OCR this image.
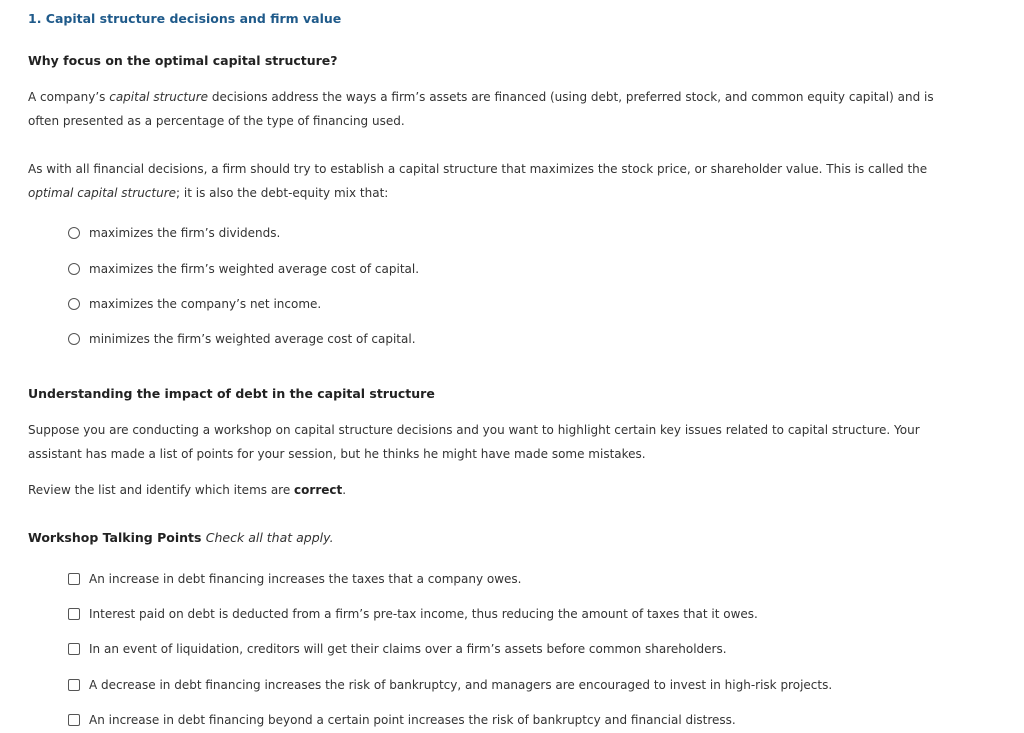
1. Capital structure decisions and firm value
Why focus on the optimal capital structure?
A company’s capital structure decisions address the ways a firm’s assets are financed (using debt, preferred stock, and common equity capital) and is often presented as a percentage of the type of financing used.
As with all financial decisions, a firm should try to establish a capital structure that maximizes the stock price, or shareholder value. This is called the optimal capital structure; it is also the debt-equity mix that:
maximizes the firm’s dividends.
maximizes the firm’s weighted average cost of capital.
maximizes the company’s net income.
minimizes the firm’s weighted average cost of capital.
Understanding the impact of debt in the capital structure
Suppose you are conducting a workshop on capital structure decisions and you want to highlight certain key issues related to capital structure. Your assistant has made a list of points for your session, but he thinks he might have made some mistakes.
Review the list and identify which items are correct.
Workshop Talking Points Check all that apply.
An increase in debt financing increases the taxes that a company owes.
Interest paid on debt is deducted from a firm’s pre-tax income, thus reducing the amount of taxes that it owes.
In an event of liquidation, creditors will get their claims over a firm’s assets before common shareholders.
A decrease in debt financing increases the risk of bankruptcy, and managers are encouraged to invest in high-risk projects.
An increase in debt financing beyond a certain point increases the risk of bankruptcy and financial distress.
